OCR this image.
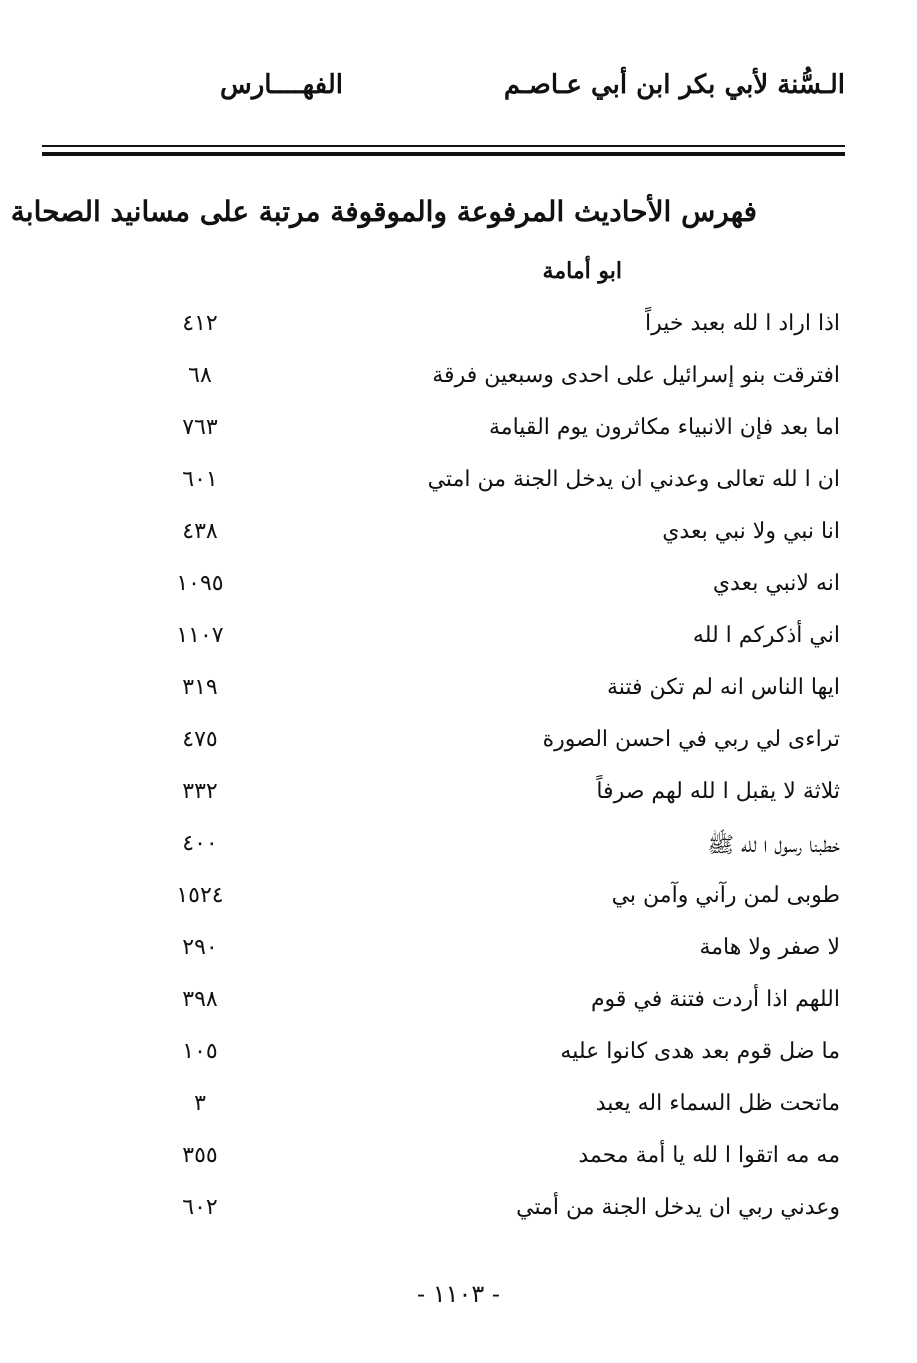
الـسُّنة لأبي بكر ابن أبي عـاصـم
الفهــــارس
فهرس الأحاديث المرفوعة والموقوفة مرتبة على مسانيد الصحابة
ابو أمامة
اذا اراد ا لله بعبد خيراً
٤١٢
افترقت بنو إسرائيل على احدى وسبعين فرقة
٦٨
اما بعد فإن الانبياء مكاثرون يوم القيامة
٧٦٣
ان ا لله تعالى وعدني ان يدخل الجنة من امتي
٦٠١
انا نبي ولا نبي بعدي
٤٣٨
انه لانبي بعدي
١٠٩٥
اني أذكركم ا لله
١١٠٧
ايها الناس انه لم تكن فتنة
٣١٩
تراءى لي ربي في احسن الصورة
٤٧٥
ثلاثة لا يقبل ا لله لهم صرفاً
٣٣٢
خطبنا رسول ا لله ﷺ
٤٠٠
طوبى لمن رآني وآمن بي
١٥٢٤
لا صفر ولا هامة
٢٩٠
اللهم اذا أردت فتنة في قوم
٣٩٨
ما ضل قوم بعد هدى كانوا عليه
١٠٥
ماتحت ظل السماء اله يعبد
٣
مه مه اتقوا ا لله يا أمة محمد
٣٥٥
وعدني ربي ان يدخل الجنة من أمتي
٦٠٢
- ١١٠٣ -
